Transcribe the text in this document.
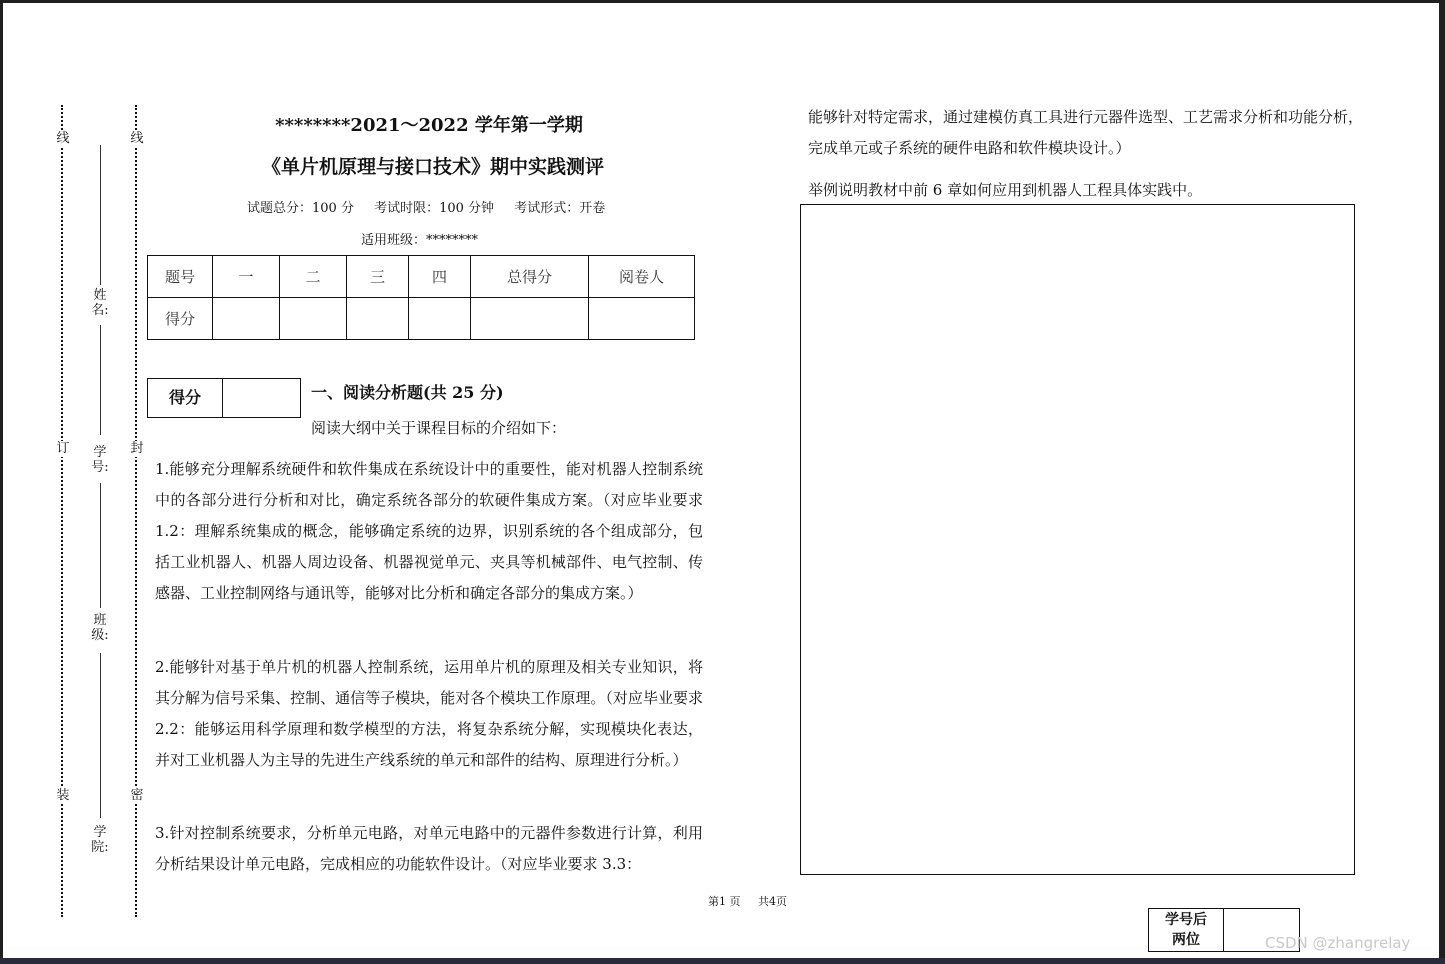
线
订
装
线
封
密
姓名:
学号:
班级:
学院:
********2021～2022 学年第一学期
《单片机原理与接口技术》期中实践测评
试题总分：100 分 考试时限：100 分钟 考试形式：开卷
适用班级：********
题号	一	二	三	四	总得分	阅卷人
得分						
得分	一、阅读分析题(共 25 分)
阅读大纲中关于课程目标的介绍如下：
1.能够充分理解系统硬件和软件集成在系统设计中的重要性，能对机器人控制系统中的各部分进行分析和对比，确定系统各部分的软硬件集成方案。（对应毕业要求 1.2：理解系统集成的概念，能够确定系统的边界，识别系统的各个组成部分，包括工业机器人、机器人周边设备、机器视觉单元、夹具等机械部件、电气控制、传感器、工业控制网络与通讯等，能够对比分析和确定各部分的集成方案。）
2.能够针对基于单片机的机器人控制系统，运用单片机的原理及相关专业知识，将其分解为信号采集、控制、通信等子模块，能对各个模块工作原理。（对应毕业要求 2.2：能够运用科学原理和数学模型的方法，将复杂系统分解，实现模块化表达，并对工业机器人为主导的先进生产线系统的单元和部件的结构、原理进行分析。）
3.针对控制系统要求，分析单元电路，对单元电路中的元器件参数进行计算，利用分析结果设计单元电路，完成相应的功能软件设计。（对应毕业要求 3.3：
第1 页 共4页
能够针对特定需求，通过建模仿真工具进行元器件选型、工艺需求分析和功能分析，完成单元或子系统的硬件电路和软件模块设计。）
举例说明教材中前 6 章如何应用到机器人工程具体实践中。
学号后
两位	CSDN @zhangrelay
